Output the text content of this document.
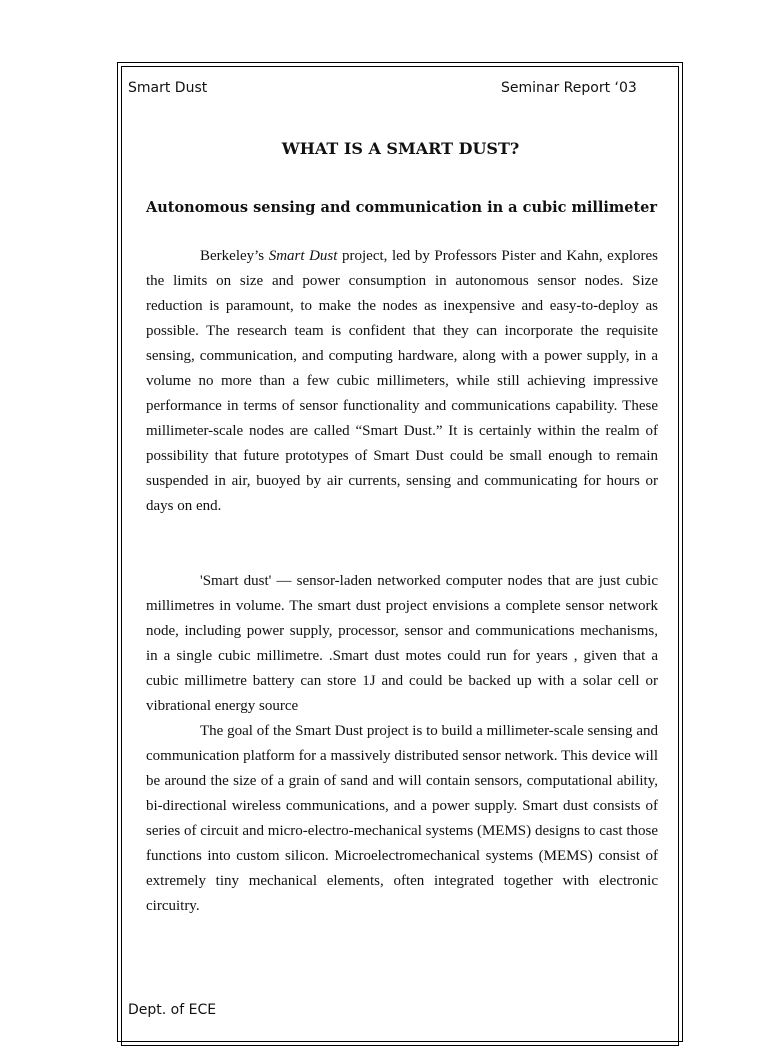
Smart Dust	Seminar Report ‘03
WHAT IS A SMART DUST?
Autonomous sensing and communication in a cubic millimeter

Berkeley’s Smart Dust project, led by Professors Pister and Kahn, explores the limits on size and power consumption in autonomous sensor nodes. Size reduction is paramount, to make the nodes as inexpensive and easy-to-deploy as possible. The research team is confident that they can incorporate the requisite sensing, communication, and computing hardware, along with a power supply, in a volume no more than a few cubic millimeters, while still achieving impressive performance in terms of sensor functionality and communications capability. These millimeter-scale nodes are called “Smart Dust.” It is certainly within the realm of possibility that future prototypes of Smart Dust could be small enough to remain suspended in air, buoyed by air currents, sensing and communicating for hours or days on end.

'Smart dust' — sensor-laden networked computer nodes that are just cubic millimetres in volume. The smart dust project envisions a complete sensor network node, including power supply, processor, sensor and communications mechanisms, in a single cubic millimetre. .Smart dust motes could run for years , given that a cubic millimetre battery can store 1J and could be backed up with a solar cell or vibrational energy source

The goal of the Smart Dust project is to build a millimeter-scale sensing and communication platform for a massively distributed sensor network. This device will be around the size of a grain of sand and will contain sensors, computational ability, bi-directional wireless communications, and a power supply. Smart dust consists of series of circuit and micro-electro-mechanical systems (MEMS) designs to cast those functions into custom silicon. Microelectromechanical systems (MEMS) consist of extremely tiny mechanical elements, often integrated together with electronic circuitry.

Dept. of ECE
